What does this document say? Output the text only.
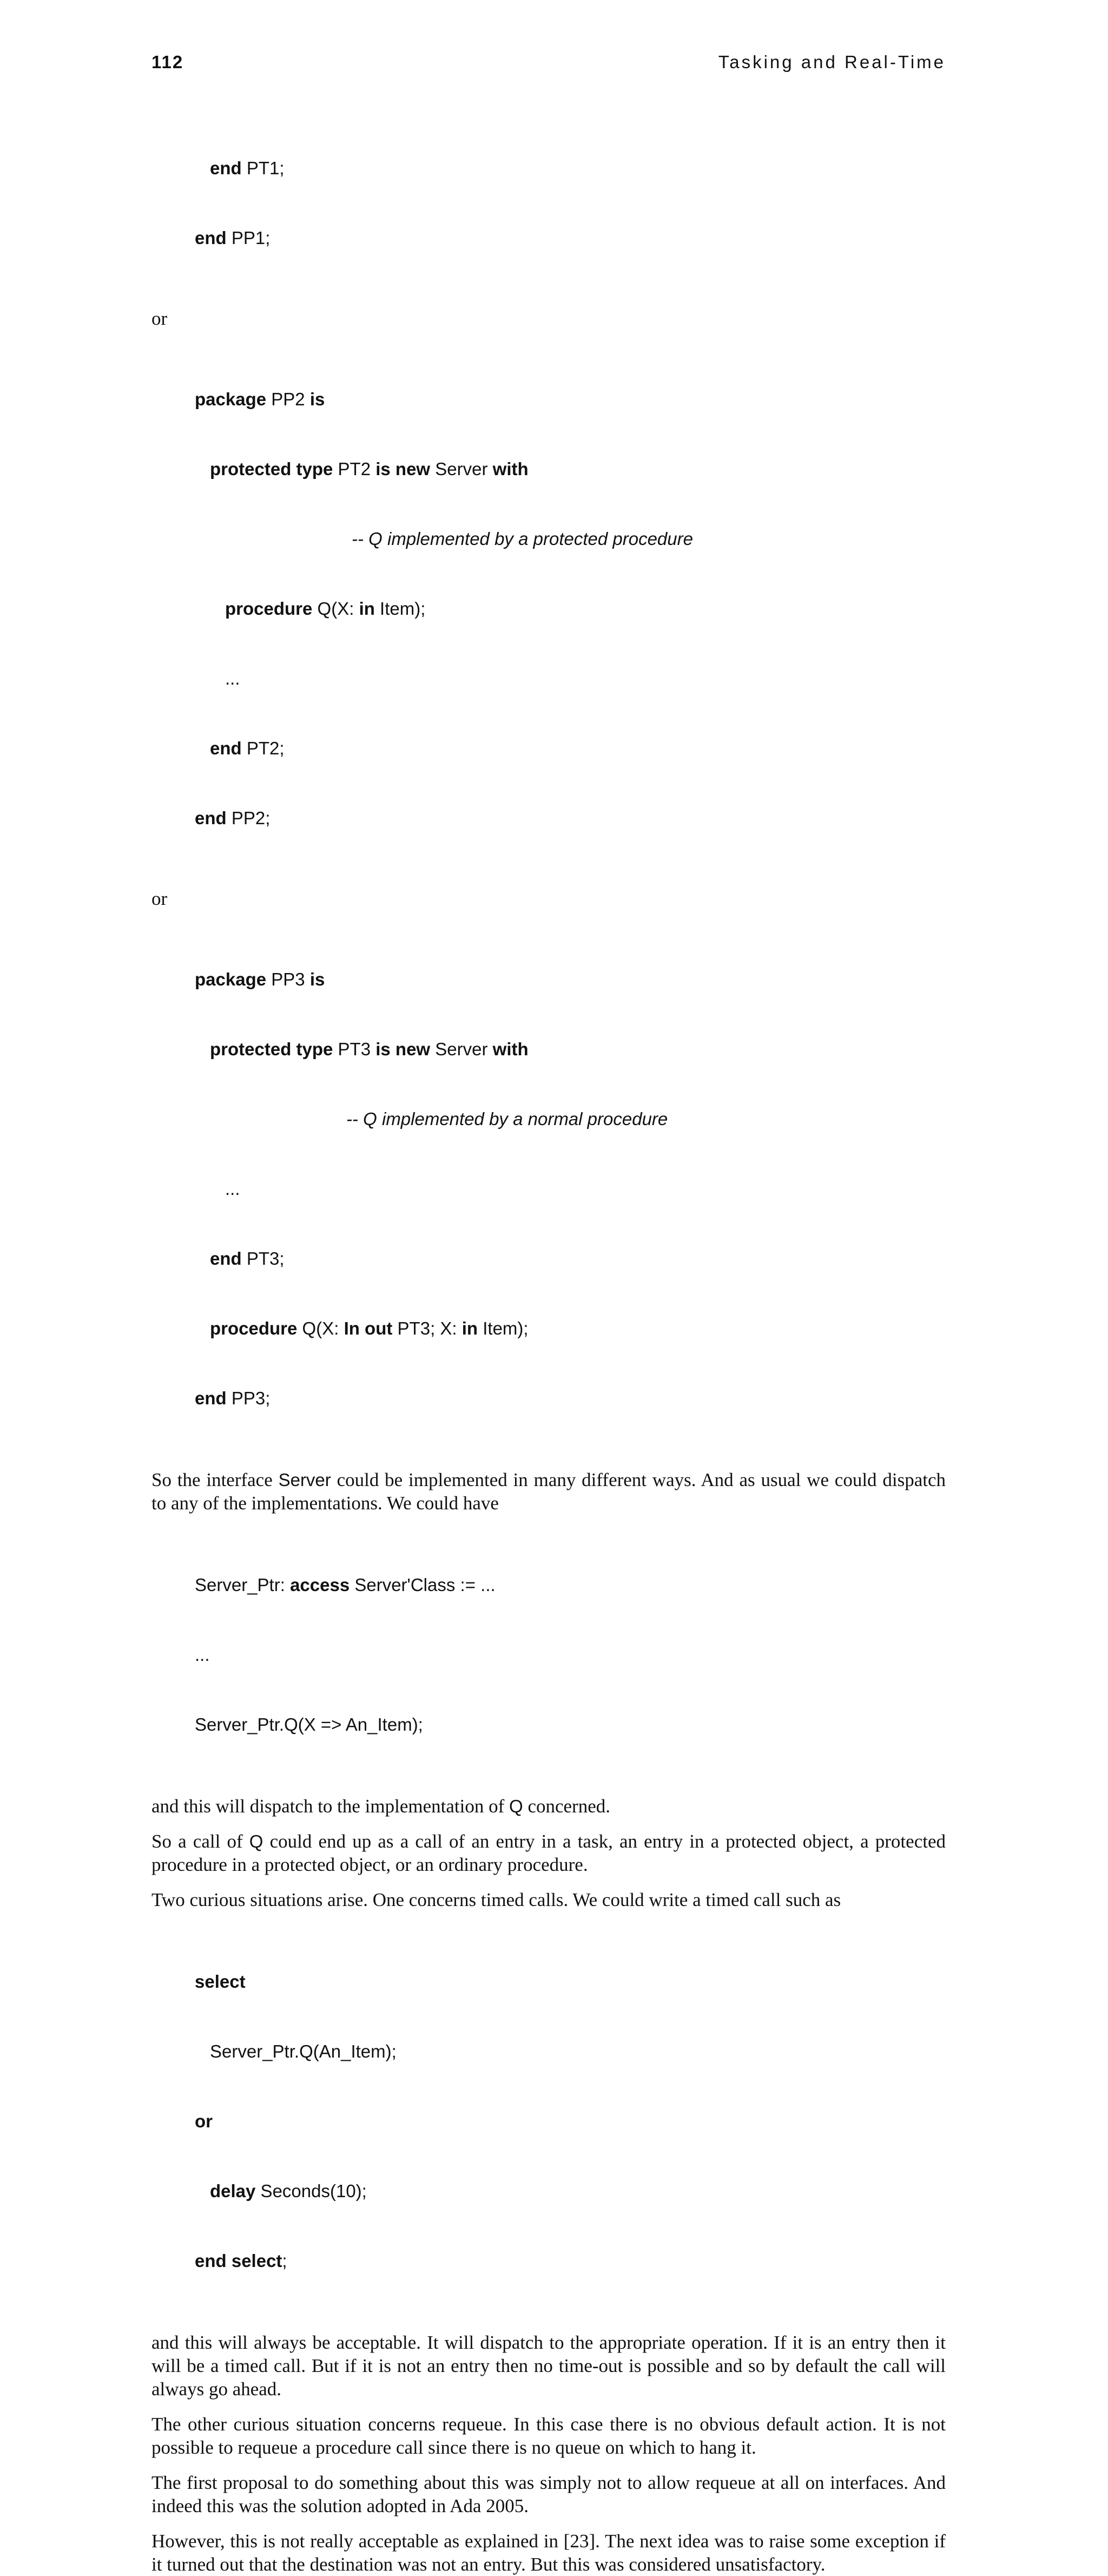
112	Tasking and Real-Time

end PT1;

end PP1;

or

package PP2 is

protected type PT2 is new Server with

-- Q implemented by a protected procedure

procedure Q(X: in Item);

...

end PT2;

end PP2;

or

package PP3 is

protected type PT3 is new Server with

-- Q implemented by a normal procedure

...

end PT3;

procedure Q(X: In out PT3; X: in Item);

end PP3;

So the interface Server could be implemented in many different ways. And as usual we could dispatch to any of the implementations. We could have

Server_Ptr: access Server'Class := ...

...

Server_Ptr.Q(X => An_Item);

and this will dispatch to the implementation of Q concerned.

So a call of Q could end up as a call of an entry in a task, an entry in a protected object, a protected procedure in a protected object, or an ordinary procedure.

Two curious situations arise. One concerns timed calls. We could write a timed call such as

select

Server_Ptr.Q(An_Item);

or

delay Seconds(10);

end select;

and this will always be acceptable. It will dispatch to the appropriate operation. If it is an entry then it will be a timed call. But if it is not an entry then no time-out is possible and so by default the call will always go ahead.

The other curious situation concerns requeue. In this case there is no obvious default action. It is not possible to requeue a procedure call since there is no queue on which to hang it.

The first proposal to do something about this was simply not to allow requeue at all on interfaces. And indeed this was the solution adopted in Ada 2005.

However, this is not really acceptable as explained in [23]. The next idea was to raise some exception if it turned out that the destination was not an entry. But this was considered unsatisfactory.
